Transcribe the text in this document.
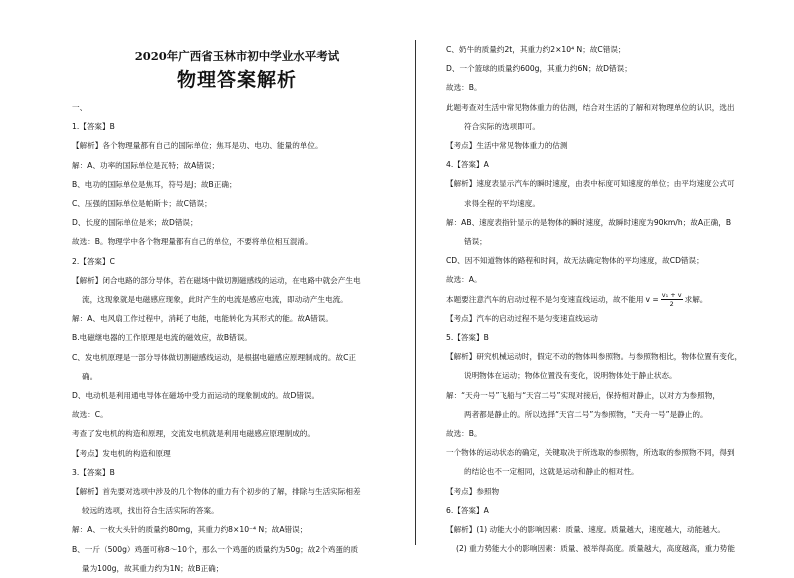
2020年广西省玉林市初中学业水平考试
物理答案解析
一、
1.【答案】B
【解析】各个物理量都有自己的国际单位；焦耳是功、电功、能量的单位。
解：A、功率的国际单位是瓦特；故A错误；
B、电功的国际单位是焦耳，符号是J；故B正确；
C、压强的国际单位是帕斯卡；故C错误；
D、长度的国际单位是米；故D错误；
故选：B。物理学中各个物理量都有自己的单位，不要将单位相互混淆。
2.【答案】C
【解析】闭合电路的部分导体，若在磁场中做切割磁感线的运动，在电路中就会产生电
流，这现象就是电磁感应现象，此时产生的电流是感应电流，即动动产生电流。
解：A、电风扇工作过程中，消耗了电能，电能转化为其形式的能。故A错误。
B.电磁继电器的工作原理是电流的磁效应，故B错误。
C、发电机原理是一部分导体做切割磁感线运动，是根据电磁感应原理制成的。故C正
确。
D、电动机是利用通电导体在磁场中受力而运动的现象制成的。故D错误。
故选：C。
考查了发电机的构造和原理，交流发电机就是利用电磁感应原理制成的。
【考点】发电机的构造和原理
3.【答案】B
【解析】首先要对选项中涉及的几个物体的重力有个初步的了解，排除与生活实际相差
较远的选项，找出符合生活实际的答案。
解：A、一枚大头针的质量约80mg，其重力约8×10⁻⁴ N；故A错误；
B、一斤（500g）鸡蛋可称8～10个，那么一个鸡蛋的质量约为50g；故2个鸡蛋的质
量为100g，故其重力约为1N；故B正确；
C、奶牛的质量约2t，其重力约2×10⁴ N；故C错误；
D、一个篮球的质量约600g，其重力约6N；故D错误；
故选：B。
此题考查对生活中常见物体重力的估测，结合对生活的了解和对物理单位的认识，选出
符合实际的选项即可。
【考点】生活中常见物体重力的估测
4.【答案】A
【解析】速度表显示汽车的瞬时速度，由表中标度可知速度的单位；由平均速度公式可
求得全程的平均速度。
解：AB、速度表指针显示的是物体的瞬时速度，故瞬时速度为90km/h；故A正确，B
错误；
CD、因不知道物体的路程和时间，故无法确定物体的平均速度，故CD错误；
故选：A。
本题要注意汽车的启动过程不是匀变速直线运动，故不能用 $v = \frac{\text{v₁ + v}}{2}$ 求解。
【考点】汽车的启动过程不是匀变速直线运动
5.【答案】B
【解析】研究机械运动时，假定不动的物体叫参照物。与参照物相比，物体位置有变化，
说明物体在运动；物体位置没有变化，说明物体处于静止状态。
解：“天舟一号”飞船与“天宫二号”实现对接后，保持相对静止，以对方为参照物，
两者都是静止的。所以选择“天宫二号”为参照物，“天舟一号”是静止的。
故选：B。
一个物体的运动状态的确定，关键取决于所选取的参照物，所选取的参照物不同，得到
的结论也不一定相同，这就是运动和静止的相对性。
【考点】参照物
6.【答案】A
【解析】(1) 动能大小的影响因素：质量、速度。质量越大，速度越大，动能越大。
(2) 重力势能大小的影响因素：质量、被举得高度。质量越大，高度越高，重力势能
